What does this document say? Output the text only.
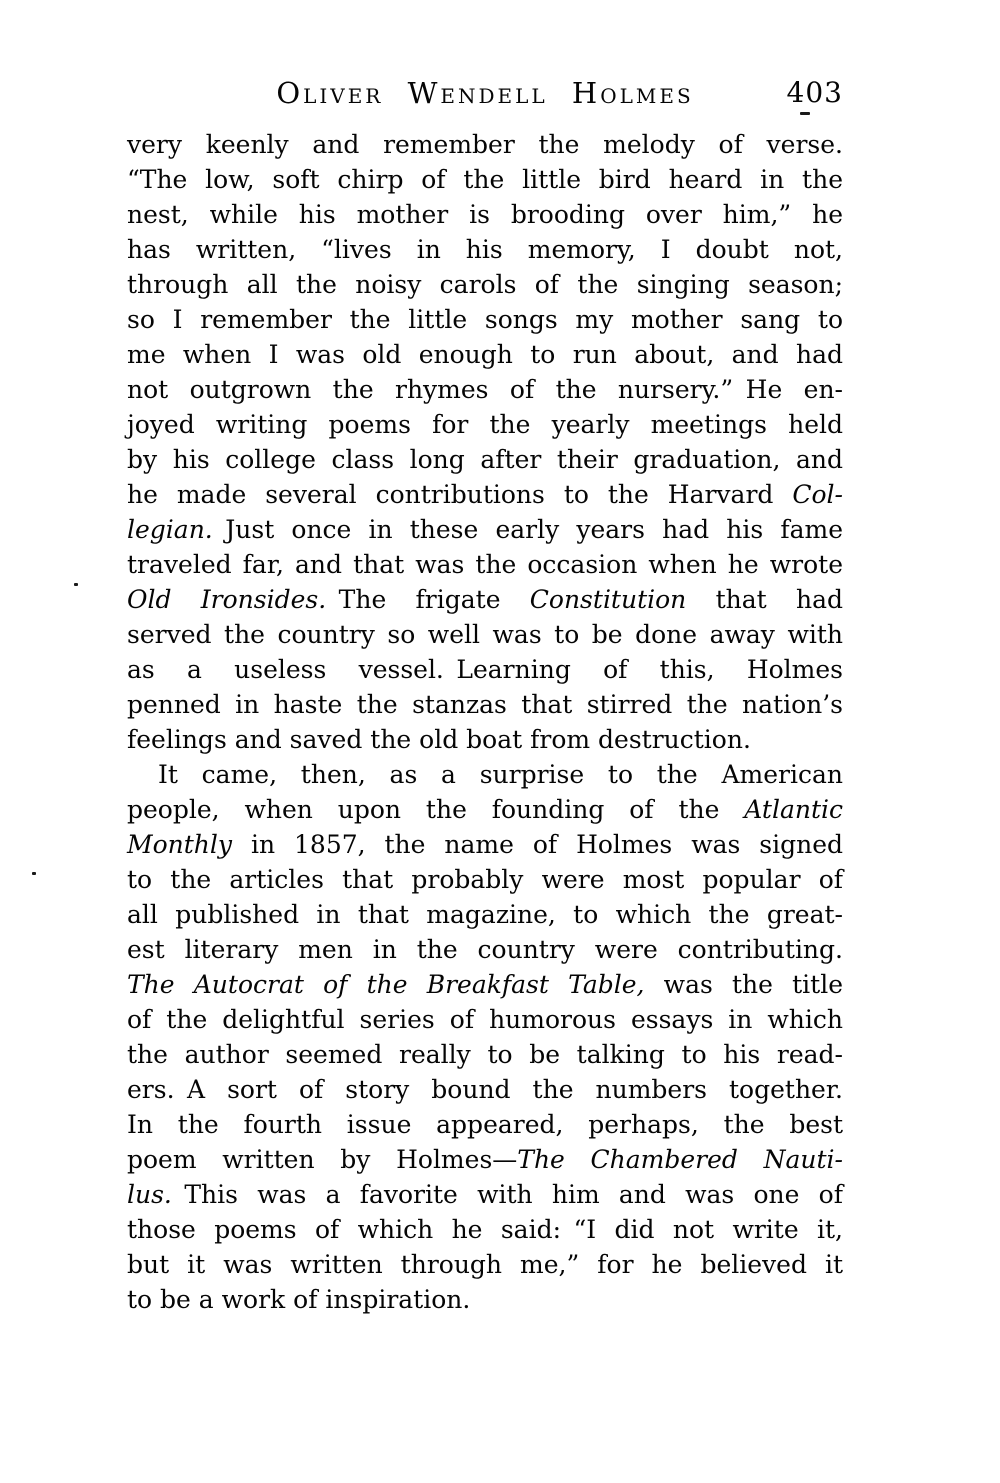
Oliver Wendell Holmes	403
very keenly and remember the melody of verse.
“The low, soft chirp of the little bird heard in the
nest, while his mother is brooding over him,” he
has written, “lives in his memory, I doubt not,
through all the noisy carols of the singing season;
so I remember the little songs my mother sang to
me when I was old enough to run about, and had
not outgrown the rhymes of the nursery.” He en-
joyed writing poems for the yearly meetings held
by his college class long after their graduation, and
he made several contributions to the Harvard Col-
legian. Just once in these early years had his fame
traveled far, and that was the occasion when he wrote
Old Ironsides. The frigate Constitution that had
served the country so well was to be done away with
as a useless vessel. Learning of this, Holmes
penned in haste the stanzas that stirred the nation’s
feelings and saved the old boat from destruction.
It came, then, as a surprise to the American
people, when upon the founding of the Atlantic
Monthly in 1857, the name of Holmes was signed
to the articles that probably were most popular of
all published in that magazine, to which the great-
est literary men in the country were contributing.
The Autocrat of the Breakfast Table, was the title
of the delightful series of humorous essays in which
the author seemed really to be talking to his read-
ers. A sort of story bound the numbers together.
In the fourth issue appeared, perhaps, the best
poem written by Holmes—The Chambered Nauti-
lus. This was a favorite with him and was one of
those poems of which he said: “I did not write it,
but it was written through me,” for he believed it
to be a work of inspiration.
